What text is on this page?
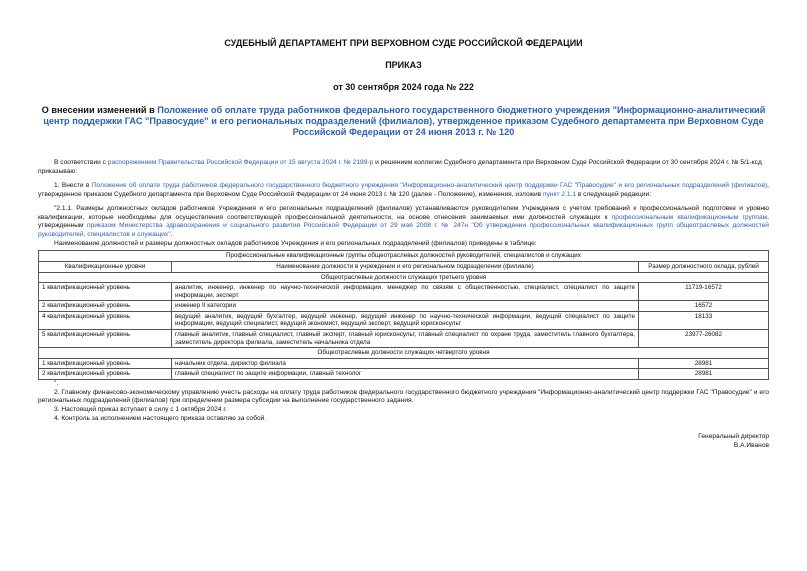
СУДЕБНЫЙ ДЕПАРТАМЕНТ ПРИ ВЕРХОВНОМ СУДЕ РОССИЙСКОЙ ФЕДЕРАЦИИ
ПРИКАЗ
от 30 сентября 2024 года № 222
О внесении изменений в Положение об оплате труда работников федерального государственного бюджетного учреждения "Информационно-аналитический центр поддержки ГАС "Правосудие" и его региональных подразделений (филиалов), утвержденное приказом Судебного департамента при Верховном Суде Российской Федерации от 24 июня 2013 г. № 120

В соответствии с распоряжением Правительства Российской Федерации от 15 августа 2024 г. № 2189-р и решением коллегии Судебного департамента при Верховном Суде Российской Федерации от 30 сентября 2024 г. № 5/1-ксд

приказываю:

1. Внести в Положение об оплате труда работников федерального государственного бюджетного учреждения "Информационно-аналитический центр поддержки ГАС "Правосудие" и его региональных подразделений (филиалов), утвержденное приказом Судебного департамента при Верховном Суде Российской Федерации от 24 июня 2013 г. № 120 (далее - Положение), изменения, изложив пункт 2.1.1 в следующей редакции:

"2.1.1. Размеры должностных окладов работников Учреждения и его региональных подразделений (филиалов) устанавливаются руководителем Учреждения с учетом требований к профессиональной подготовке и уровню квалификации, которые необходимы для осуществления соответствующей профессиональной деятельности, на основе отнесения занимаемых ими должностей служащих к профессиональным квалификационным группам, утвержденным приказом Министерства здравоохранения и социального развития Российской Федерации от 29 мая 2008 г. № 247н "Об утверждении профессиональных квалификационных групп общеотраслевых должностей руководителей, специалистов и служащих".

Наименование должностей и размеры должностных окладов работников Учреждения и его региональных подразделений (филиалов) приведены в таблице:

Профессиональные квалификационные группы общеотраслевых должностей руководителей, специалистов и служащих		
Квалификационные уровни	Наименование должности в учреждении и его региональном подразделении (филиале)	Размер должностного оклада, рублей
Общеотраслевые должности служащих третьего уровня		
1 квалификационный уровень	аналитик, инженер, инженер по научно-технической информации, менеджер по связям с общественностью, специалист, специалист по защите информации, эксперт	11719-16572
2 квалификационный уровень	инженер II категории	16572
4 квалификационный уровень	ведущий аналитик, ведущий бухгалтер, ведущий инженер, ведущий инженер по научно-технической информации, ведущий специалист по защите информации, ведущий специалист, ведущий экономист, ведущий эксперт, ведущий юрисконсульт	18133
5 квалификационный уровень	главный аналитик, главный специалист, главный эксперт, главный юрисконсульт, главный специалист по охране труда, заместитель главного бухгалтера, заместитель директора филиала, заместитель начальника отдела	23977-26082
Общеотраслевые должности служащих четвертого уровня		
1 квалификационный уровень	начальник отдела, директор филиала	28981
2 квалификационный уровень	главный специалист по защите информации, главный технолог	28981

".

2. Главному финансово-экономическому управлению учесть расходы на оплату труда работников федерального государственного бюджетного учреждения "Информационно-аналитический центр поддержки ГАС "Правосудие" и его региональных подразделений (филиалов) при определении размера субсидии на выполнение государственного задания.

3. Настоящий приказ вступает в силу с 1 октября 2024 г.

4. Контроль за исполнением настоящего приказа оставляю за собой.

Генеральный директор
В.А.Иванов
